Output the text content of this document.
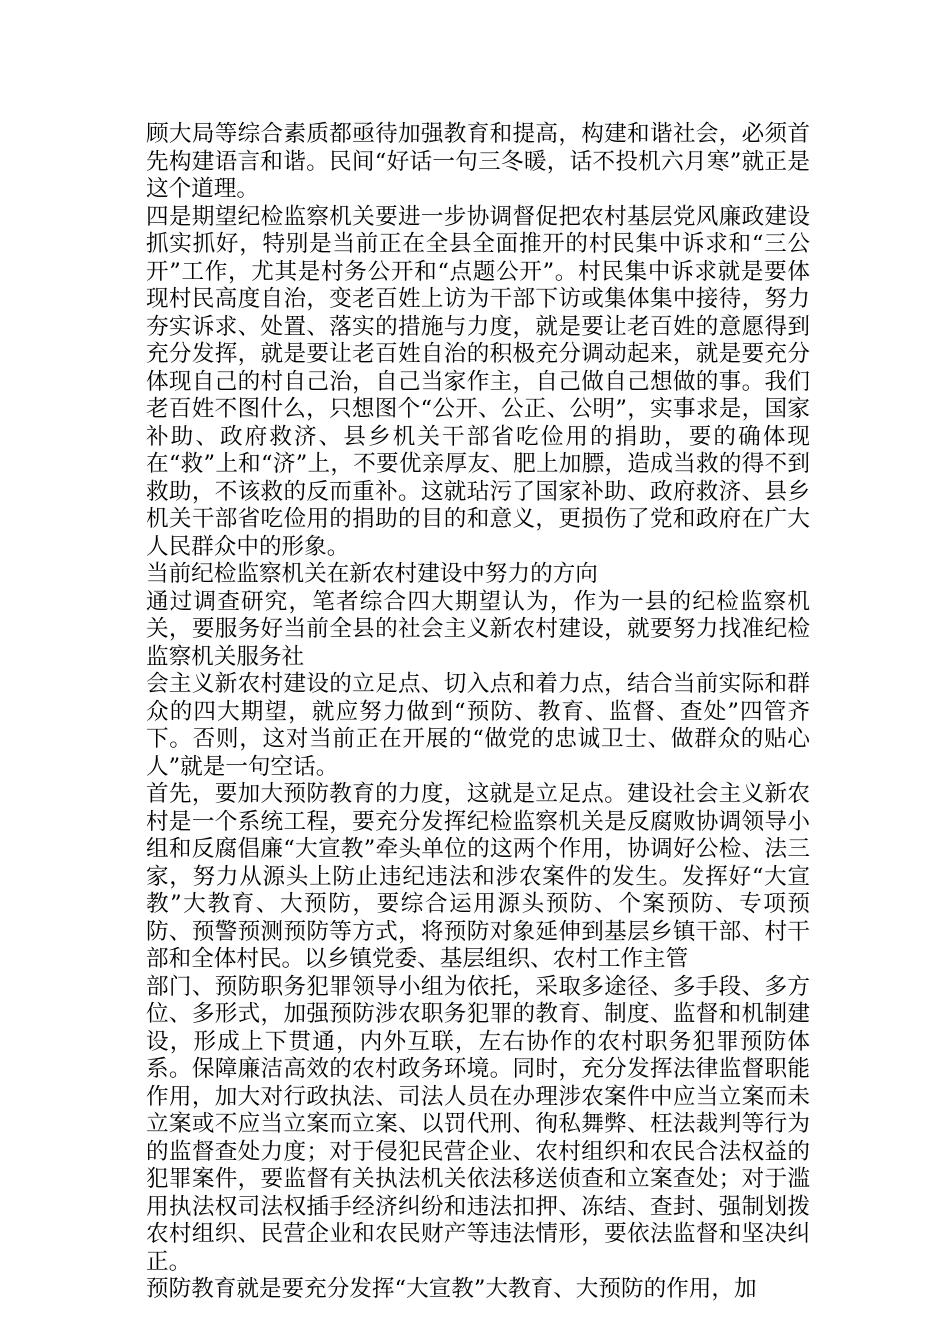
顾大局等综合素质都亟待加强教育和提高，构建和谐社会，必须首先构建语言和谐。民间“好话一句三冬暖，话不投机六月寒”就正是这个道理。

四是期望纪检监察机关要进一步协调督促把农村基层党风廉政建设抓实抓好，特别是当前正在全县全面推开的村民集中诉求和“三公开”工作，尤其是村务公开和“点题公开”。村民集中诉求就是要体现村民高度自治，变老百姓上访为干部下访或集体集中接待，努力夯实诉求、处置、落实的措施与力度，就是要让老百姓的意愿得到充分发挥，就是要让老百姓自治的积极充分调动起来，就是要充分体现自己的村自己治，自己当家作主，自己做自己想做的事。我们老百姓不图什么，只想图个“公开、公正、公明”，实事求是，国家补助、政府救济、县乡机关干部省吃俭用的捐助，要的确体现在“救”上和“济”上，不要优亲厚友、肥上加膘，造成当救的得不到救助，不该救的反而重补。这就玷污了国家补助、政府救济、县乡机关干部省吃俭用的捐助的目的和意义，更损伤了党和政府在广大人民群众中的形象。

当前纪检监察机关在新农村建设中努力的方向

通过调查研究，笔者综合四大期望认为，作为一县的纪检监察机关，要服务好当前全县的社会主义新农村建设，就要努力找准纪检监察机关服务社

会主义新农村建设的立足点、切入点和着力点，结合当前实际和群众的四大期望，就应努力做到“预防、教育、监督、查处”四管齐下。否则，这对当前正在开展的“做党的忠诚卫士、做群众的贴心人”就是一句空话。

首先，要加大预防教育的力度，这就是立足点。建设社会主义新农村是一个系统工程，要充分发挥纪检监察机关是反腐败协调领导小组和反腐倡廉“大宣教”牵头单位的这两个作用，协调好公检、法三家，努力从源头上防止违纪违法和涉农案件的发生。发挥好“大宣教”大教育、大预防，要综合运用源头预防、个案预防、专项预防、预警预测预防等方式，将预防对象延伸到基层乡镇干部、村干部和全体村民。以乡镇党委、基层组织、农村工作主管

部门、预防职务犯罪领导小组为依托，采取多途径、多手段、多方位、多形式，加强预防涉农职务犯罪的教育、制度、监督和机制建设，形成上下贯通，内外互联，左右协作的农村职务犯罪预防体系。保障廉洁高效的农村政务环境。同时，充分发挥法律监督职能作用，加大对行政执法、司法人员在办理涉农案件中应当立案而未立案或不应当立案而立案、以罚代刑、徇私舞弊、枉法裁判等行为的监督查处力度；对于侵犯民营企业、农村组织和农民合法权益的犯罪案件，要监督有关执法机关依法移送侦查和立案查处；对于滥用执法权司法权插手经济纠纷和违法扣押、冻结、查封、强制划拨农村组织、民营企业和农民财产等违法情形，要依法监督和坚决纠正。

预防教育就是要充分发挥“大宣教”大教育、大预防的作用，加
